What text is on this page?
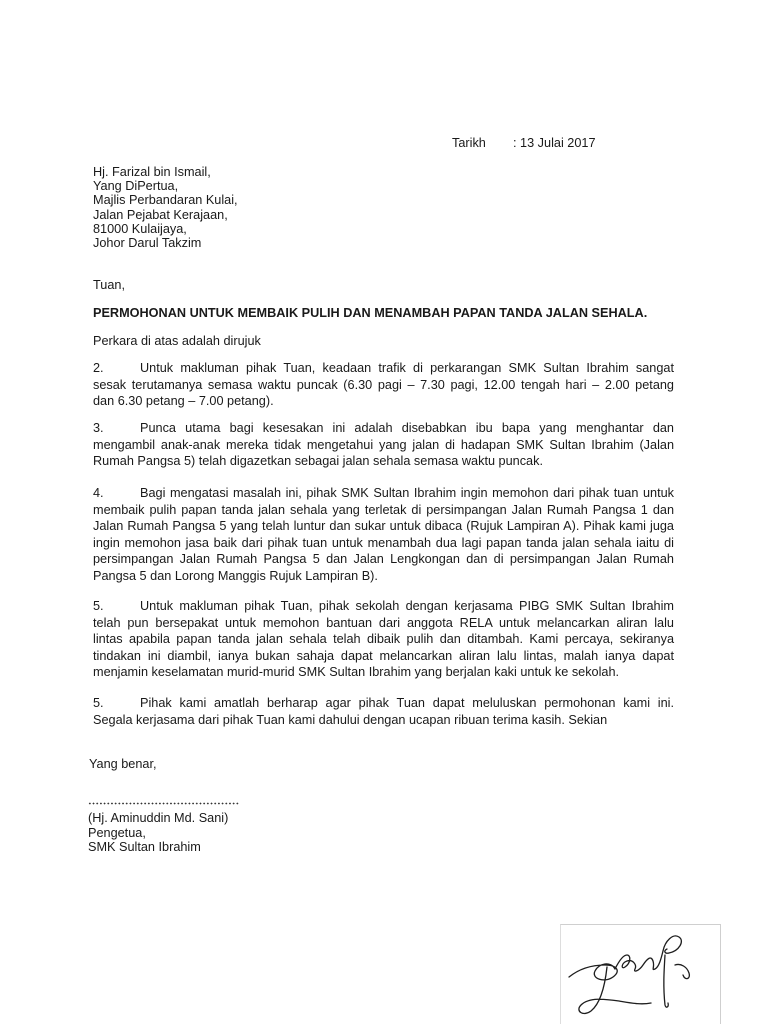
Tarikh : 13 Julai 2017
Hj. Farizal bin Ismail,
Yang DiPertua,
Majlis Perbandaran Kulai,
Jalan Pejabat Kerajaan,
81000 Kulaijaya,
Johor Darul Takzim
Tuan,
PERMOHONAN UNTUK MEMBAIK PULIH DAN MENAMBAH PAPAN TANDA JALAN SEHALA.
Perkara di atas adalah dirujuk
2.	Untuk makluman pihak Tuan, keadaan trafik di perkarangan SMK Sultan Ibrahim sangat
sesak terutamanya semasa waktu puncak (6.30 pagi – 7.30 pagi, 12.00 tengah hari – 2.00 petang
dan 6.30 petang – 7.00 petang).
3.	Punca utama bagi kesesakan ini adalah disebabkan ibu bapa yang menghantar dan
mengambil anak-anak mereka tidak mengetahui yang jalan di hadapan SMK Sultan Ibrahim (Jalan
Rumah Pangsa 5) telah digazetkan sebagai jalan sehala semasa waktu puncak.
4.	Bagi mengatasi masalah ini, pihak SMK Sultan Ibrahim ingin memohon dari pihak tuan untuk
membaik pulih papan tanda jalan sehala yang terletak di persimpangan Jalan Rumah Pangsa 1 dan
Jalan Rumah Pangsa 5 yang telah luntur dan sukar untuk dibaca (Rujuk Lampiran A). Pihak kami juga
ingin memohon jasa baik dari pihak tuan untuk menambah dua lagi papan tanda jalan sehala iaitu di
persimpangan Jalan Rumah Pangsa 5 dan Jalan Lengkongan dan di persimpangan Jalan Rumah
Pangsa 5 dan Lorong Manggis Rujuk Lampiran B).
5.	Untuk makluman pihak Tuan, pihak sekolah dengan kerjasama PIBG SMK Sultan Ibrahim
telah pun bersepakat untuk memohon bantuan dari anggota RELA untuk melancarkan aliran lalu
lintas apabila papan tanda jalan sehala telah dibaik pulih dan ditambah. Kami percaya, sekiranya
tindakan ini diambil, ianya bukan sahaja dapat melancarkan aliran lalu lintas, malah ianya dapat
menjamin keselamatan murid-murid SMK Sultan Ibrahim yang berjalan kaki untuk ke sekolah.
5.	Pihak kami amatlah berharap agar pihak Tuan dapat meluluskan permohonan kami ini.
Segala kerjasama dari pihak Tuan kami dahului dengan ucapan ribuan terima kasih. Sekian
Yang benar,
(Hj. Aminuddin Md. Sani)
Pengetua,
SMK Sultan Ibrahim
